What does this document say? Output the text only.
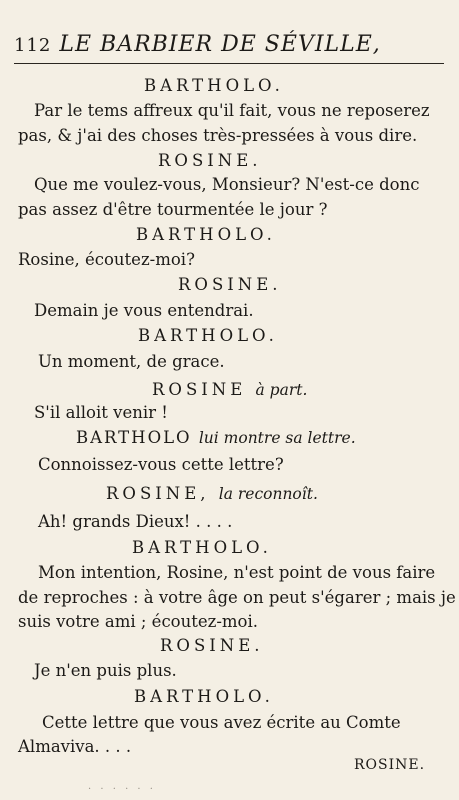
112 LE BARBIER DE SÉVILLE,
BARTHOLO.
Par le tems affreux qu'il fait, vous ne reposerez
pas, & j'ai des choses très-pressées à vous dire.
ROSINE.
Que me voulez-vous, Monsieur? N'est-ce donc
pas assez d'être tourmentée le jour ?
BARTHOLO.
Rosine, écoutez-moi?
ROSINE.
Demain je vous entendrai.
BARTHOLO.
Un moment, de grace.
ROSINE à part.
S'il alloit venir !
BARTHOLO lui montre sa lettre.
Connoissez-vous cette lettre?
ROSINE, la reconnoît.
Ah! grands Dieux! . . . .
BARTHOLO.
Mon intention, Rosine, n'est point de vous faire
de reproches : à votre âge on peut s'égarer ; mais je
suis votre ami ; écoutez-moi.
ROSINE.
Je n'en puis plus.
BARTHOLO.
Cette lettre que vous avez écrite au Comte
Almaviva. . . .
ROSINE.
· · · · · ·
